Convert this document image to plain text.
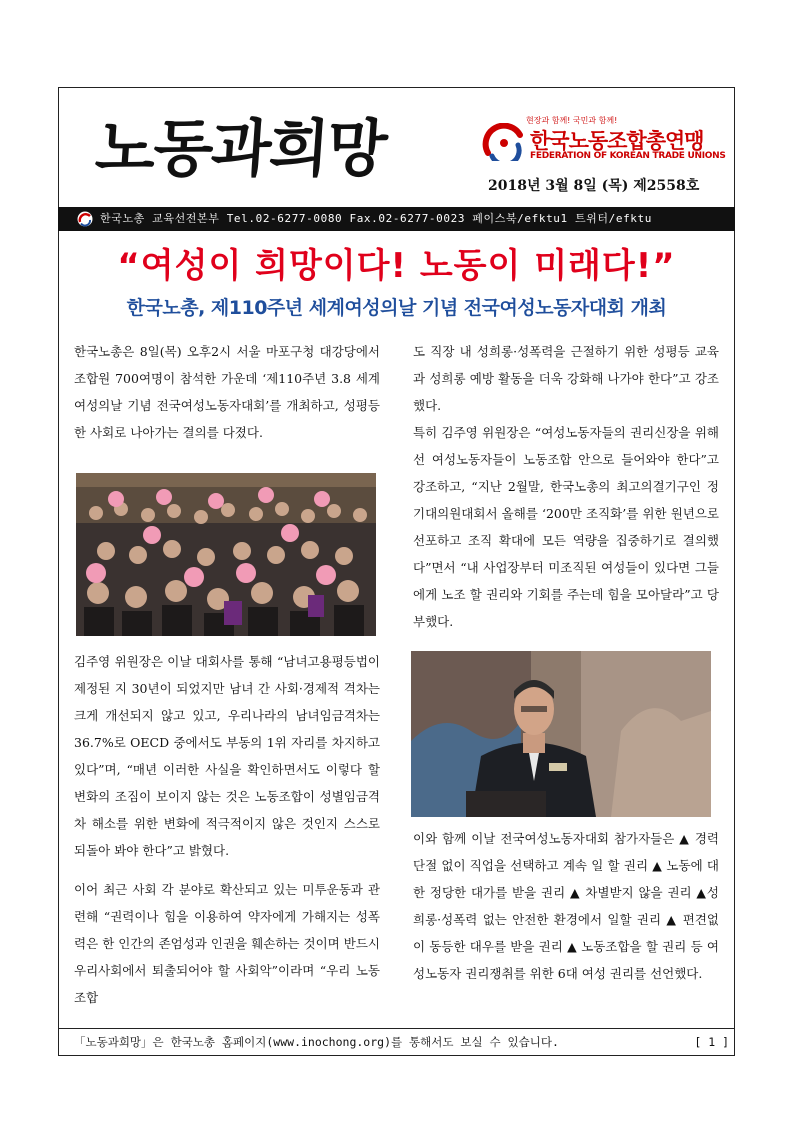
노동과희망	현장과 함께! 국민과 함께!
한국노동조합총연맹
FEDERATION OF KOREAN TRADE UNIONS
2018년 3월 8일 (목) 제2558호
한국노총 교육선전본부 Tel.02-6277-0080 Fax.02-6277-0023 페이스북/efktu1 트위터/efktu
“여성이 희망이다! 노동이 미래다!”
한국노총, 제110주년 세계여성의날 기념 전국여성노동자대회 개최
한국노총은 8일(목) 오후2시 서울 마포구청 대강당에서 조합원 700여명이 참석한 가운데 ‘제110주년 3.8 세계여성의날 기념 전국여성노동자대회’를 개최하고, 성평등한 사회로 나아가는 결의를 다졌다.
김주영 위원장은 이날 대회사를 통해 “남녀고용평등법이 제정된 지 30년이 되었지만 남녀 간 사회·경제적 격차는 크게 개선되지 않고 있고, 우리나라의 남녀임금격차는 36.7%로 OECD 중에서도 부동의 1위 자리를 차지하고 있다”며, “매년 이러한 사실을 확인하면서도 이렇다 할 변화의 조짐이 보이지 않는 것은 노동조합이 성별임금격차 해소를 위한 변화에 적극적이지 않은 것인지 스스로 되돌아 봐야 한다”고 밝혔다.
이어 최근 사회 각 분야로 확산되고 있는 미투운동과 관련해 “권력이나 힘을 이용하여 약자에게 가해지는 성폭력은 한 인간의 존엄성과 인권을 훼손하는 것이며 반드시 우리사회에서 퇴출되어야 할 사회악”이라며 “우리 노동조합
도 직장 내 성희롱·성폭력을 근절하기 위한 성평등 교육과 성희롱 예방 활동을 더욱 강화해 나가야 한다”고 강조했다.
특히 김주영 위원장은 “여성노동자들의 권리신장을 위해선 여성노동자들이 노동조합 안으로 들어와야 한다”고 강조하고, “지난 2월말, 한국노총의 최고의결기구인 정기대의원대회서 올해를 ‘200만 조직화’를 위한 원년으로 선포하고 조직 확대에 모든 역량을 집중하기로 결의했다”면서 “내 사업장부터 미조직된 여성들이 있다면 그들에게 노조 할 권리와 기회를 주는데 힘을 모아달라”고 당부했다.
이와 함께 이날 전국여성노동자대회 참가자들은 ▲ 경력단절 없이 직업을 선택하고 계속 일 할 권리 ▲ 노동에 대한 정당한 대가를 받을 권리 ▲ 차별받지 않을 권리 ▲성희롱·성폭력 없는 안전한 환경에서 일할 권리 ▲ 편견없이 동등한 대우를 받을 권리 ▲ 노동조합을 할 권리 등 여성노동자 권리쟁취를 위한 6대 여성 권리를 선언했다.
「노동과희망」은 한국노총 홈페이지(www.inochong.org)를 통해서도 보실 수 있습니다.	[ 1 ]
